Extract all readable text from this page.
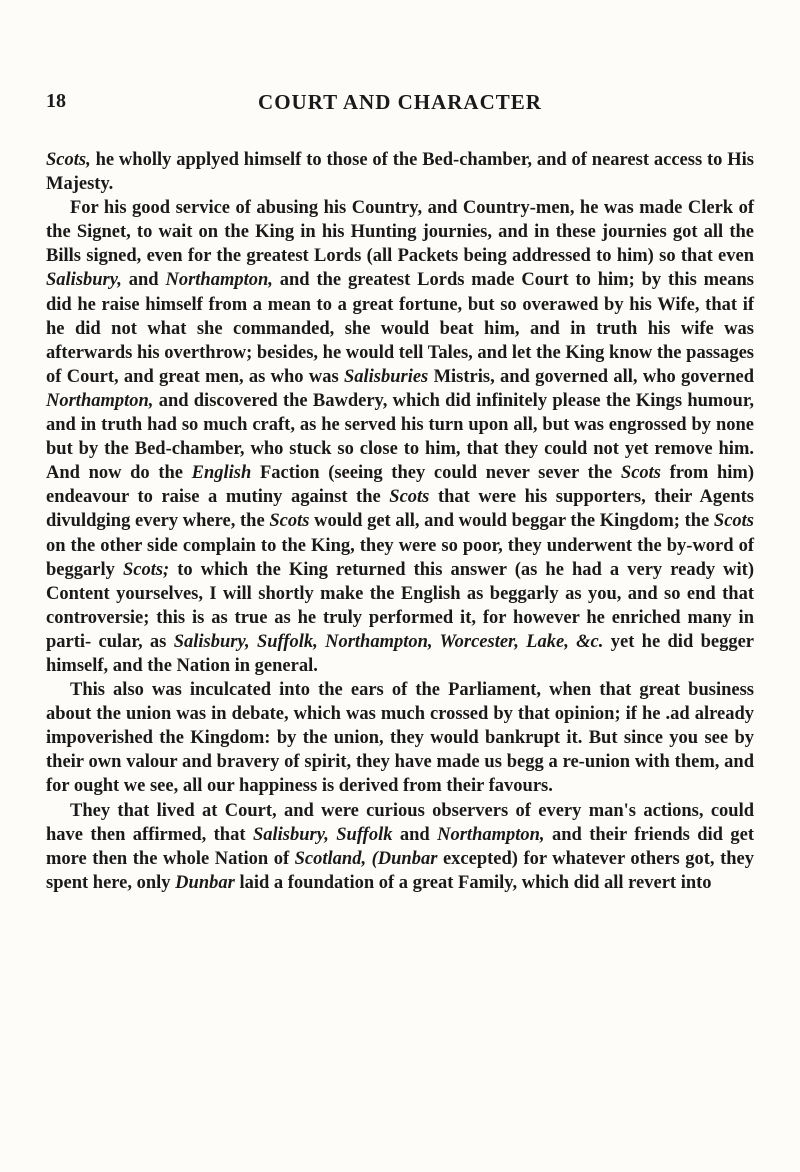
18	COURT AND CHARACTER

Scots, he wholly applyed himself to those of the Bed-chamber, and of nearest access to His Majesty.

For his good service of abusing his Country, and Country-men, he was made Clerk of the Signet, to wait on the King in his Hunting journies, and in these journies got all the Bills signed, even for the greatest Lords (all Packets being addressed to him) so that even Salisbury, and Northampton, and the greatest Lords made Court to him; by this means did he raise himself from a mean to a great fortune, but so overawed by his Wife, that if he did not what she commanded, she would beat him, and in truth his wife was afterwards his overthrow; besides, he would tell Tales, and let the King know the passages of Court, and great men, as who was Salisburies Mistris, and governed all, who governed Northampton, and discovered the Bawdery, which did infinitely please the Kings humour, and in truth had so much craft, as he served his turn upon all, but was engrossed by none but by the Bed-chamber, who stuck so close to him, that they could not yet remove him. And now do the English Faction (seeing they could never sever the Scots from him) endeavour to raise a mutiny against the Scots that were his supporters, their Agents divuldging every where, the Scots would get all, and would beggar the Kingdom; the Scots on the other side complain to the King, they were so poor, they underwent the by-word of beggarly Scots; to which the King returned this answer (as he had a very ready wit) Content yourselves, I will shortly make the English as beggarly as you, and so end that controversie; this is as true as he truly performed it, for however he enriched many in parti- cular, as Salisbury, Suffolk, Northampton, Worcester, Lake, &c. yet he did begger himself, and the Nation in general.

This also was inculcated into the ears of the Parliament, when that great business about the union was in debate, which was much crossed by that opinion; if he .ad already impoverished the Kingdom: by the union, they would bankrupt it. But since you see by their own valour and bravery of spirit, they have made us begg a re-union with them, and for ought we see, all our happiness is derived from their favours.

They that lived at Court, and were curious observers of every man's actions, could have then affirmed, that Salisbury, Suffolk and Northampton, and their friends did get more then the whole Nation of Scotland, (Dunbar excepted) for whatever others got, they spent here, only Dunbar laid a foundation of a great Family, which did all revert into
